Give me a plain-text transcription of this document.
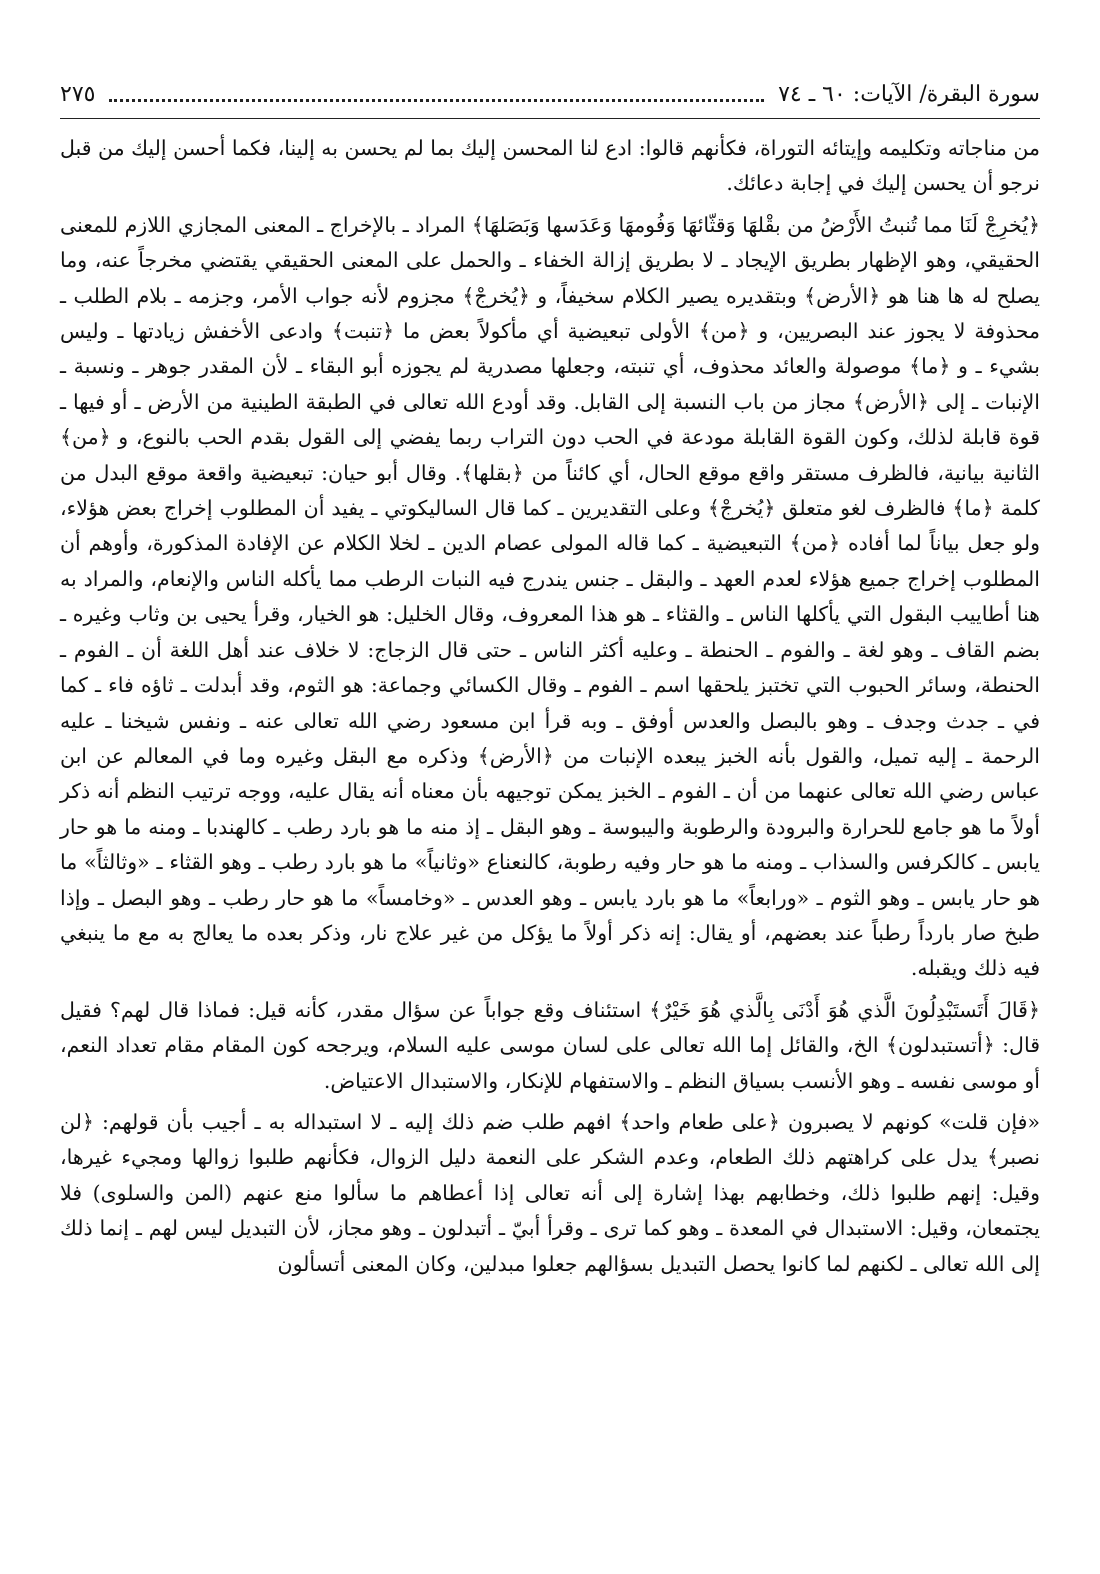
سورة البقرة/ الآيات: ٦٠ ـ ٧٤
٢٧٥

من مناجاته وتكليمه وإيتائه التوراة، فكأنهم قالوا: ادع لنا المحسن إليك بما لم يحسن به إلينا، فكما أحسن إليك من قبل نرجو أن يحسن إليك في إجابة دعائك.

﴿يُخرِجْ لَنَا مما تُنبتُ الأَرْضُ من بقْلهَا وَقثّائهَا وَفُومهَا وَعَدَسها وَبَصَلهَا﴾ المراد ـ بالإخراج ـ المعنى المجازي اللازم للمعنى الحقيقي، وهو الإظهار بطريق الإيجاد ـ لا بطريق إزالة الخفاء ـ والحمل على المعنى الحقيقي يقتضي مخرجاً عنه، وما يصلح له ها هنا هو ﴿الأرض﴾ وبتقديره يصير الكلام سخيفاً، و ﴿يُخرجْ﴾ مجزوم لأنه جواب الأمر، وجزمه ـ بلام الطلب ـ محذوفة لا يجوز عند البصريين، و ﴿من﴾ الأولى تبعيضية أي مأكولاً بعض ما ﴿تنبت﴾ وادعى الأخفش زيادتها ـ وليس بشيء ـ و ﴿ما﴾ موصولة والعائد محذوف، أي تنبته، وجعلها مصدرية لم يجوزه أبو البقاء ـ لأن المقدر جوهر ـ ونسبة ـ الإنبات ـ إلى ﴿الأرض﴾ مجاز من باب النسبة إلى القابل. وقد أودع الله تعالى في الطبقة الطينية من الأرض ـ أو فيها ـ قوة قابلة لذلك، وكون القوة القابلة مودعة في الحب دون التراب ربما يفضي إلى القول بقدم الحب بالنوع، و ﴿من﴾ الثانية بيانية، فالظرف مستقر واقع موقع الحال، أي كائناً من ﴿بقلها﴾. وقال أبو حيان: تبعيضية واقعة موقع البدل من كلمة ﴿ما﴾ فالظرف لغو متعلق ﴿يُخرجْ﴾ وعلى التقديرين ـ كما قال الساليكوتي ـ يفيد أن المطلوب إخراج بعض هؤلاء، ولو جعل بياناً لما أفاده ﴿من﴾ التبعيضية ـ كما قاله المولى عصام الدين ـ لخلا الكلام عن الإفادة المذكورة، وأوهم أن المطلوب إخراج جميع هؤلاء لعدم العهد ـ والبقل ـ جنس يندرج فيه النبات الرطب مما يأكله الناس والإنعام، والمراد به هنا أطاييب البقول التي يأكلها الناس ـ والقثاء ـ هو هذا المعروف، وقال الخليل: هو الخيار، وقرأ يحيى بن وثاب وغيره ـ بضم القاف ـ وهو لغة ـ والفوم ـ الحنطة ـ وعليه أكثر الناس ـ حتى قال الزجاج: لا خلاف عند أهل اللغة أن ـ الفوم ـ الحنطة، وسائر الحبوب التي تختبز يلحقها اسم ـ الفوم ـ وقال الكسائي وجماعة: هو الثوم، وقد أبدلت ـ ثاؤه فاء ـ كما في ـ جدث وجدف ـ وهو بالبصل والعدس أوفق ـ وبه قرأ ابن مسعود رضي الله تعالى عنه ـ ونفس شيخنا ـ عليه الرحمة ـ إليه تميل، والقول بأنه الخبز يبعده الإنبات من ﴿الأرض﴾ وذكره مع البقل وغيره وما في المعالم عن ابن عباس رضي الله تعالى عنهما من أن ـ الفوم ـ الخبز يمكن توجيهه بأن معناه أنه يقال عليه، ووجه ترتيب النظم أنه ذكر أولاً ما هو جامع للحرارة والبرودة والرطوبة واليبوسة ـ وهو البقل ـ إذ منه ما هو بارد رطب ـ كالهندبا ـ ومنه ما هو حار يابس ـ كالكرفس والسذاب ـ ومنه ما هو حار وفيه رطوبة، كالنعناع «وثانياً» ما هو بارد رطب ـ وهو القثاء ـ «وثالثاً» ما هو حار يابس ـ وهو الثوم ـ «ورابعاً» ما هو بارد يابس ـ وهو العدس ـ «وخامساً» ما هو حار رطب ـ وهو البصل ـ وإذا طبخ صار بارداً رطباً عند بعضهم، أو يقال: إنه ذكر أولاً ما يؤكل من غير علاج نار، وذكر بعده ما يعالج به مع ما ينبغي فيه ذلك ويقبله.

﴿قَالَ أَتَستَبْدِلُونَ الَّذي هُوَ أَدْنَى بِالَّذي هُوَ خَيْرٌ﴾ استئناف وقع جواباً عن سؤال مقدر، كأنه قيل: فماذا قال لهم؟ فقيل قال: ﴿أتستبدلون﴾ الخ، والقائل إما الله تعالى على لسان موسى عليه السلام، ويرجحه كون المقام مقام تعداد النعم، أو موسى نفسه ـ وهو الأنسب بسياق النظم ـ والاستفهام للإنكار، والاستبدال الاعتياض.

«فإن قلت» كونهم لا يصبرون ﴿على طعام واحد﴾ افهم طلب ضم ذلك إليه ـ لا استبداله به ـ أجيب بأن قولهم: ﴿لن نصبر﴾ يدل على كراهتهم ذلك الطعام، وعدم الشكر على النعمة دليل الزوال، فكأنهم طلبوا زوالها ومجيء غيرها، وقيل: إنهم طلبوا ذلك، وخطابهم بهذا إشارة إلى أنه تعالى إذا أعطاهم ما سألوا منع عنهم (المن والسلوى) فلا يجتمعان، وقيل: الاستبدال في المعدة ـ وهو كما ترى ـ وقرأ أبيّ ـ أتبدلون ـ وهو مجاز، لأن التبديل ليس لهم ـ إنما ذلك إلى الله تعالى ـ لكنهم لما كانوا يحصل التبديل بسؤالهم جعلوا مبدلين، وكان المعنى أتسألون
